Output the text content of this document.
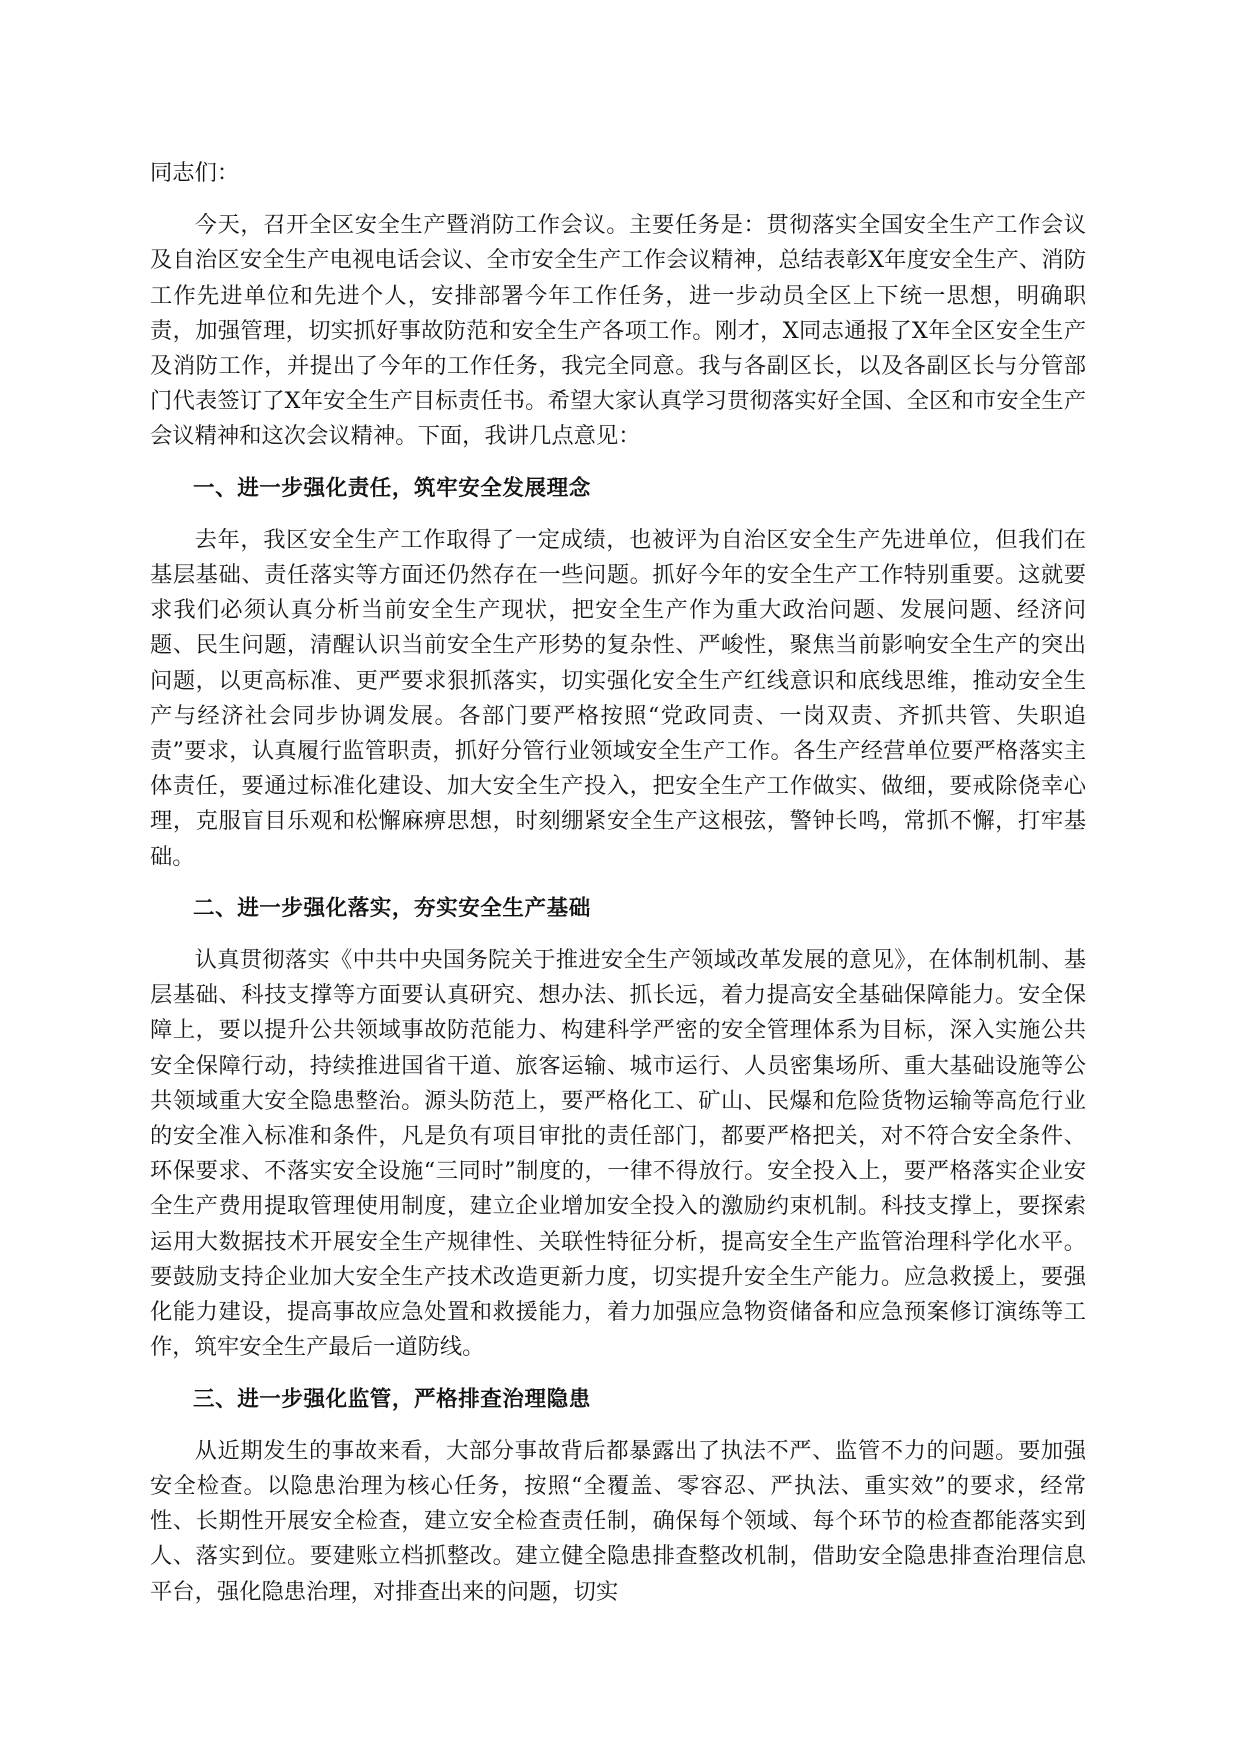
同志们：

今天，召开全区安全生产暨消防工作会议。主要任务是：贯彻落实全国安全生产工作会议及自治区安全生产电视电话会议、全市安全生产工作会议精神，总结表彰X年度安全生产、消防工作先进单位和先进个人，安排部署今年工作任务，进一步动员全区上下统一思想，明确职责，加强管理，切实抓好事故防范和安全生产各项工作。刚才，X同志通报了X年全区安全生产及消防工作，并提出了今年的工作任务，我完全同意。我与各副区长，以及各副区长与分管部门代表签订了X年安全生产目标责任书。希望大家认真学习贯彻落实好全国、全区和市安全生产会议精神和这次会议精神。下面，我讲几点意见：

一、进一步强化责任，筑牢安全发展理念

去年，我区安全生产工作取得了一定成绩，也被评为自治区安全生产先进单位，但我们在基层基础、责任落实等方面还仍然存在一些问题。抓好今年的安全生产工作特别重要。这就要求我们必须认真分析当前安全生产现状，把安全生产作为重大政治问题、发展问题、经济问题、民生问题，清醒认识当前安全生产形势的复杂性、严峻性，聚焦当前影响安全生产的突出问题，以更高标准、更严要求狠抓落实，切实强化安全生产红线意识和底线思维，推动安全生产与经济社会同步协调发展。各部门要严格按照“党政同责、一岗双责、齐抓共管、失职追责”要求，认真履行监管职责，抓好分管行业领域安全生产工作。各生产经营单位要严格落实主体责任，要通过标准化建设、加大安全生产投入，把安全生产工作做实、做细，要戒除侥幸心理，克服盲目乐观和松懈麻痹思想，时刻绷紧安全生产这根弦，警钟长鸣，常抓不懈，打牢基础。

二、进一步强化落实，夯实安全生产基础

认真贯彻落实《中共中央国务院关于推进安全生产领域改革发展的意见》，在体制机制、基层基础、科技支撑等方面要认真研究、想办法、抓长远，着力提高安全基础保障能力。安全保障上，要以提升公共领域事故防范能力、构建科学严密的安全管理体系为目标，深入实施公共安全保障行动，持续推进国省干道、旅客运输、城市运行、人员密集场所、重大基础设施等公共领域重大安全隐患整治。源头防范上，要严格化工、矿山、民爆和危险货物运输等高危行业的安全准入标准和条件，凡是负有项目审批的责任部门，都要严格把关，对不符合安全条件、环保要求、不落实安全设施“三同时”制度的，一律不得放行。安全投入上，要严格落实企业安全生产费用提取管理使用制度，建立企业增加安全投入的激励约束机制。科技支撑上，要探索运用大数据技术开展安全生产规律性、关联性特征分析，提高安全生产监管治理科学化水平。要鼓励支持企业加大安全生产技术改造更新力度，切实提升安全生产能力。应急救援上，要强化能力建设，提高事故应急处置和救援能力，着力加强应急物资储备和应急预案修订演练等工作，筑牢安全生产最后一道防线。

三、进一步强化监管，严格排查治理隐患

从近期发生的事故来看，大部分事故背后都暴露出了执法不严、监管不力的问题。要加强安全检查。以隐患治理为核心任务，按照“全覆盖、零容忍、严执法、重实效”的要求，经常性、长期性开展安全检查，建立安全检查责任制，确保每个领域、每个环节的检查都能落实到人、落实到位。要建账立档抓整改。建立健全隐患排查整改机制，借助安全隐患排查治理信息平台，强化隐患治理，对排查出来的问题，切实
